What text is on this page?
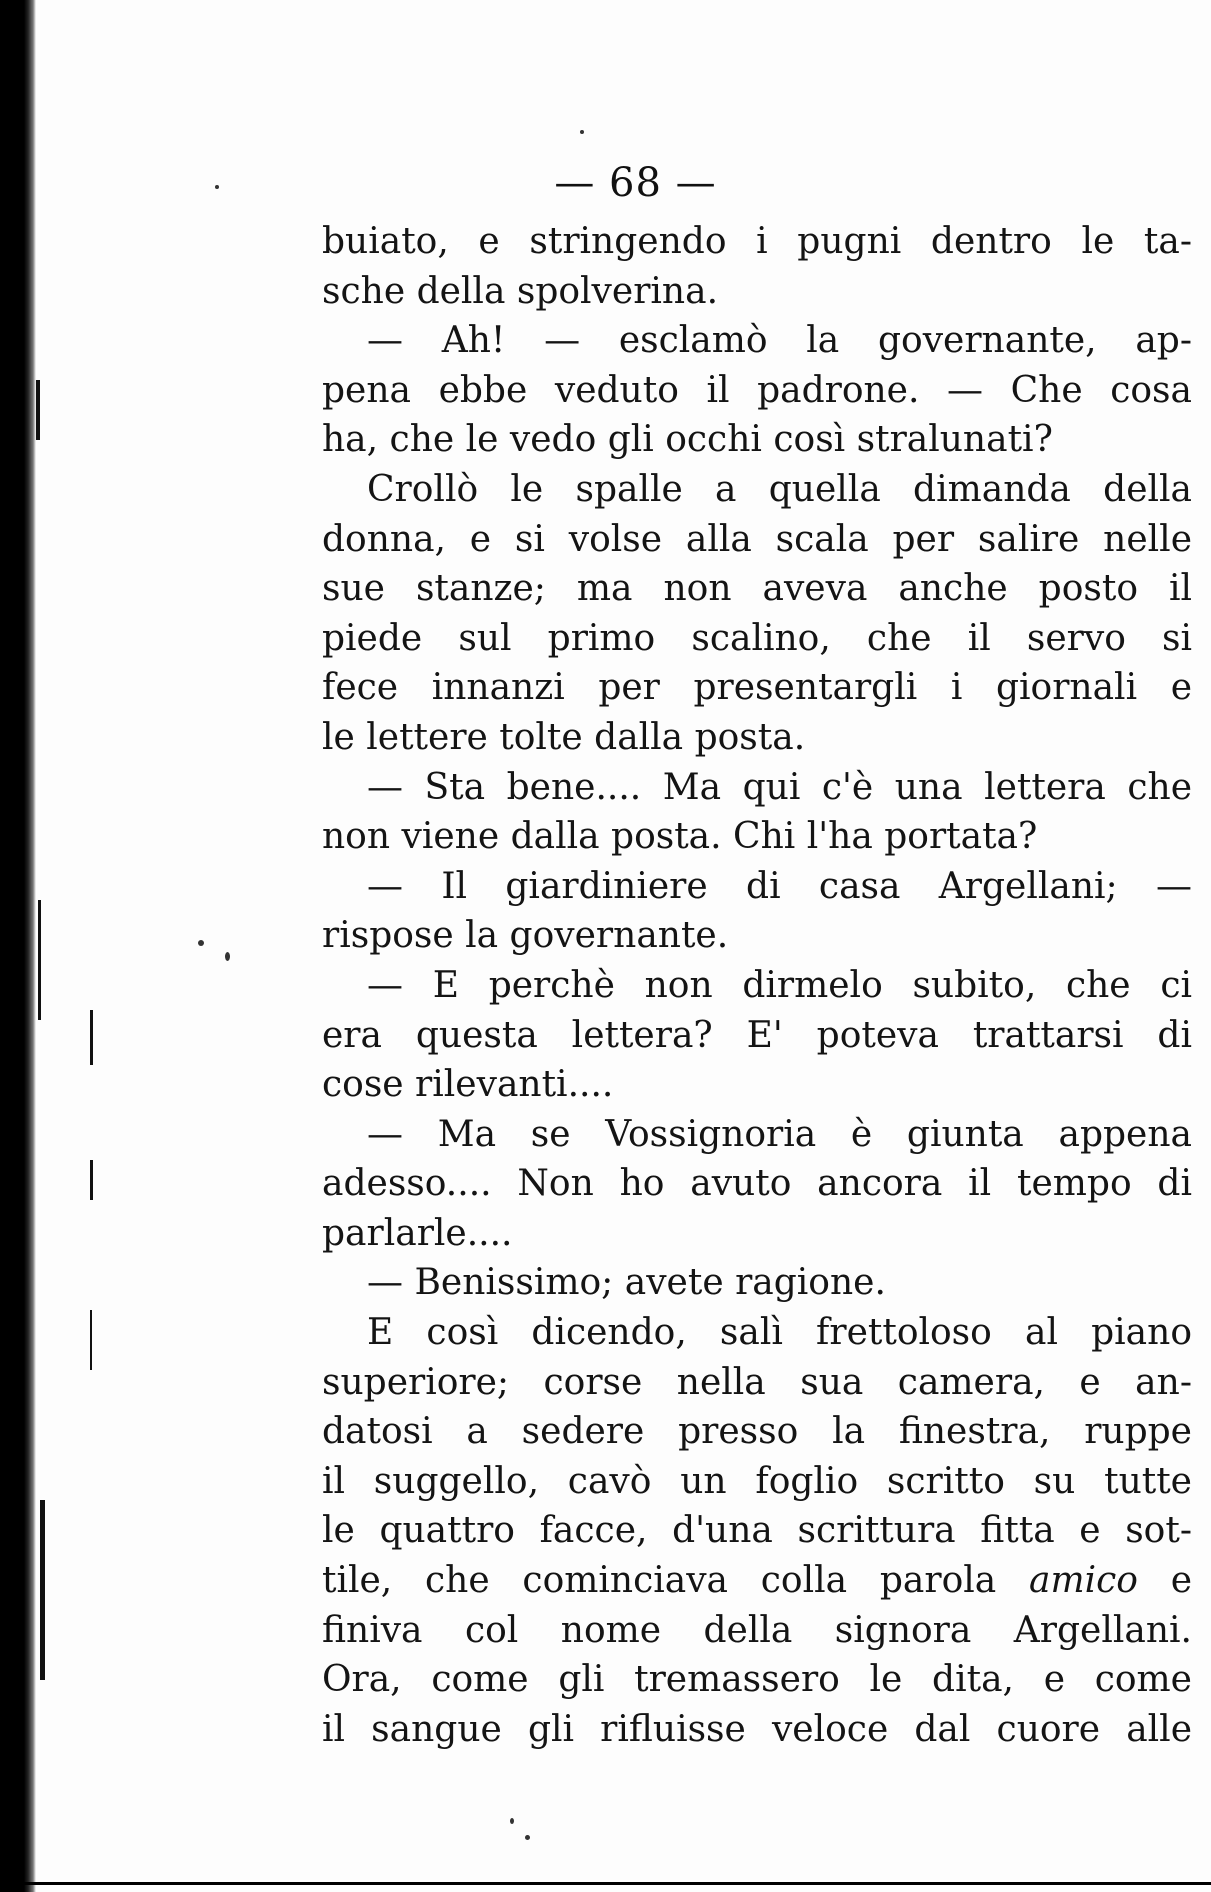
— 68 —
buiato, e stringendo i pugni dentro le ta-
sche della spolverina.
— Ah! — esclamò la governante, ap-
pena ebbe veduto il padrone. — Che cosa
ha, che le vedo gli occhi così stralunati?
Crollò le spalle a quella dimanda della
donna, e si volse alla scala per salire nelle
sue stanze; ma non aveva anche posto il
piede sul primo scalino, che il servo si
fece innanzi per presentargli i giornali e
le lettere tolte dalla posta.
— Sta bene.... Ma qui c'è una lettera che
non viene dalla posta. Chi l'ha portata?
— Il giardiniere di casa Argellani; —
rispose la governante.
— E perchè non dirmelo subito, che ci
era questa lettera? E' poteva trattarsi di
cose rilevanti....
— Ma se Vossignoria è giunta appena
adesso.... Non ho avuto ancora il tempo di
parlarle....
— Benissimo; avete ragione.
E così dicendo, salì frettoloso al piano
superiore; corse nella sua camera, e an-
datosi a sedere presso la finestra, ruppe
il suggello, cavò un foglio scritto su tutte
le quattro facce, d'una scrittura fitta e sot-
tile, che cominciava colla parola amico e
finiva col nome della signora Argellani.
Ora, come gli tremassero le dita, e come
il sangue gli rifluisse veloce dal cuore alle
